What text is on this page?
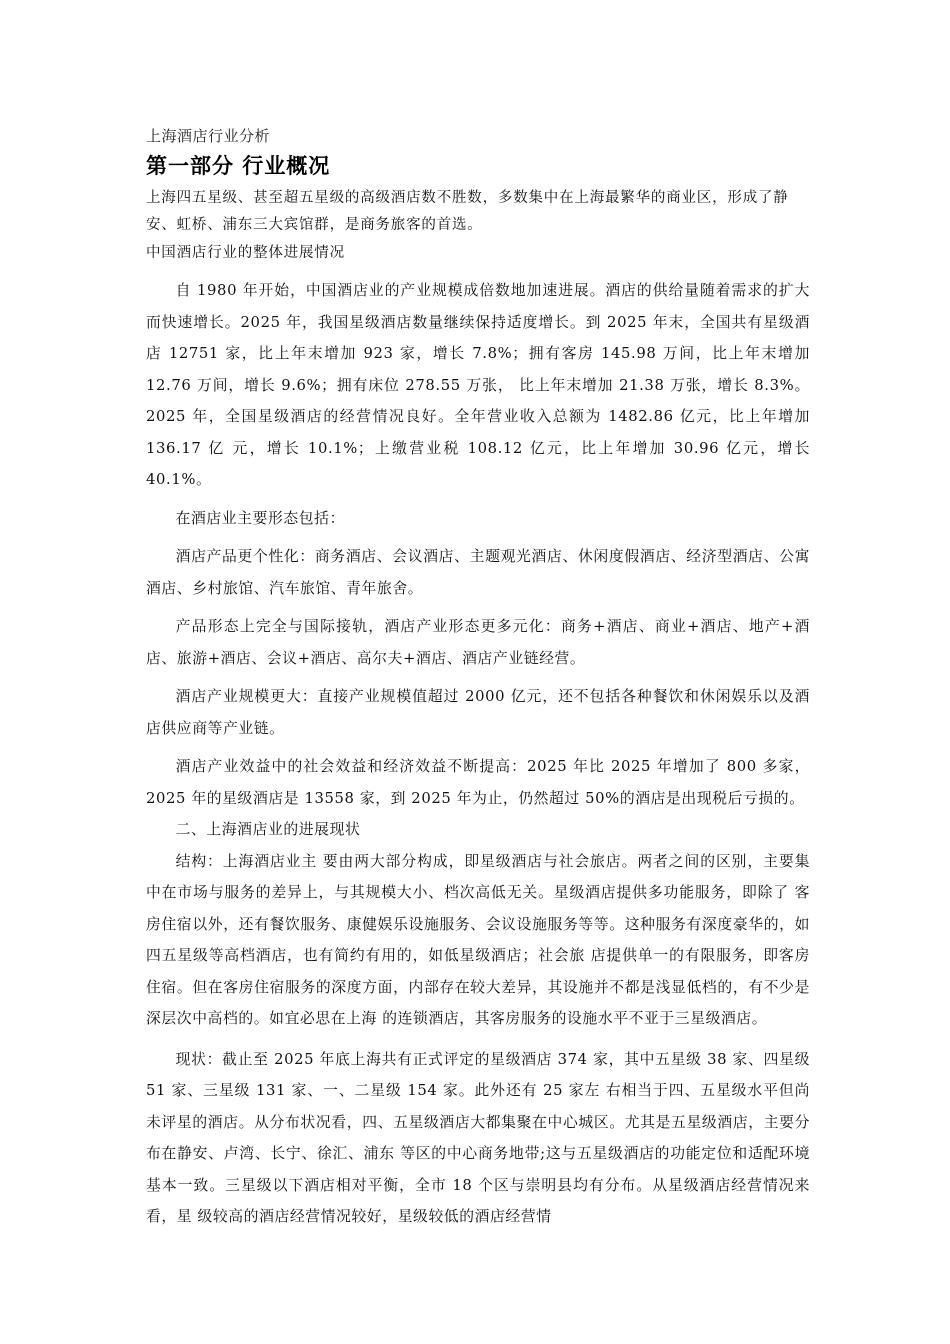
上海酒店行业分析
第一部分 行业概况
上海四五星级、甚至超五星级的高级酒店数不胜数，多数集中在上海最繁华的商业区，形成了静安、虹桥、浦东三大宾馆群，是商务旅客的首选。
中国酒店行业的整体进展情况

自 1980 年开始，中国酒店业的产业规模成倍数地加速进展。酒店的供给量随着需求的扩大而快速增长。2025 年，我国星级酒店数量继续保持适度增长。到 2025 年末，全国共有星级酒店 12751 家，比上年末增加 923 家，增长 7.8%；拥有客房 145.98 万间，比上年末增加 12.76 万间，增长 9.6%；拥有床位 278.55 万张， 比上年末增加 21.38 万张，增长 8.3%。2025 年，全国星级酒店的经营情况良好。全年营业收入总额为 1482.86 亿元，比上年增加 136.17 亿 元，增长 10.1%；上缴营业税 108.12 亿元，比上年增加 30.96 亿元，增长 40.1%。

在酒店业主要形态包括：

酒店产品更个性化：商务酒店、会议酒店、主题观光酒店、休闲度假酒店、经济型酒店、公寓酒店、乡村旅馆、汽车旅馆、青年旅舍。

产品形态上完全与国际接轨，酒店产业形态更多元化：商务+酒店、商业+酒店、地产+酒店、旅游+酒店、会议+酒店、高尔夫+酒店、酒店产业链经营。

酒店产业规模更大：直接产业规模值超过 2000 亿元，还不包括各种餐饮和休闲娱乐以及酒店供应商等产业链。

酒店产业效益中的社会效益和经济效益不断提高：2025 年比 2025 年增加了 800 多家，2025 年的星级酒店是 13558 家，到 2025 年为止，仍然超过 50%的酒店是出现税后亏损的。

二、上海酒店业的进展现状

结构：上海酒店业主 要由两大部分构成，即星级酒店与社会旅店。两者之间的区别，主要集中在市场与服务的差异上，与其规模大小、档次高低无关。星级酒店提供多功能服务，即除了 客房住宿以外，还有餐饮服务、康健娱乐设施服务、会议设施服务等等。这种服务有深度豪华的，如四五星级等高档酒店，也有简约有用的，如低星级酒店；社会旅 店提供单一的有限服务，即客房住宿。但在客房住宿服务的深度方面，内部存在较大差异，其设施并不都是浅显低档的，有不少是深层次中高档的。如宜必思在上海 的连锁酒店，其客房服务的设施水平不亚于三星级酒店。

现状：截止至 2025 年底上海共有正式评定的星级酒店 374 家，其中五星级 38 家、四星级 51 家、三星级 131 家、一、二星级 154 家。此外还有 25 家左 右相当于四、五星级水平但尚未评星的酒店。从分布状况看，四、五星级酒店大都集聚在中心城区。尤其是五星级酒店，主要分布在静安、卢湾、长宁、徐汇、浦东 等区的中心商务地带;这与五星级酒店的功能定位和适配环境基本一致。三星级以下酒店相对平衡，全市 18 个区与崇明县均有分布。从星级酒店经营情况来看，星 级较高的酒店经营情况较好，星级较低的酒店经营情
